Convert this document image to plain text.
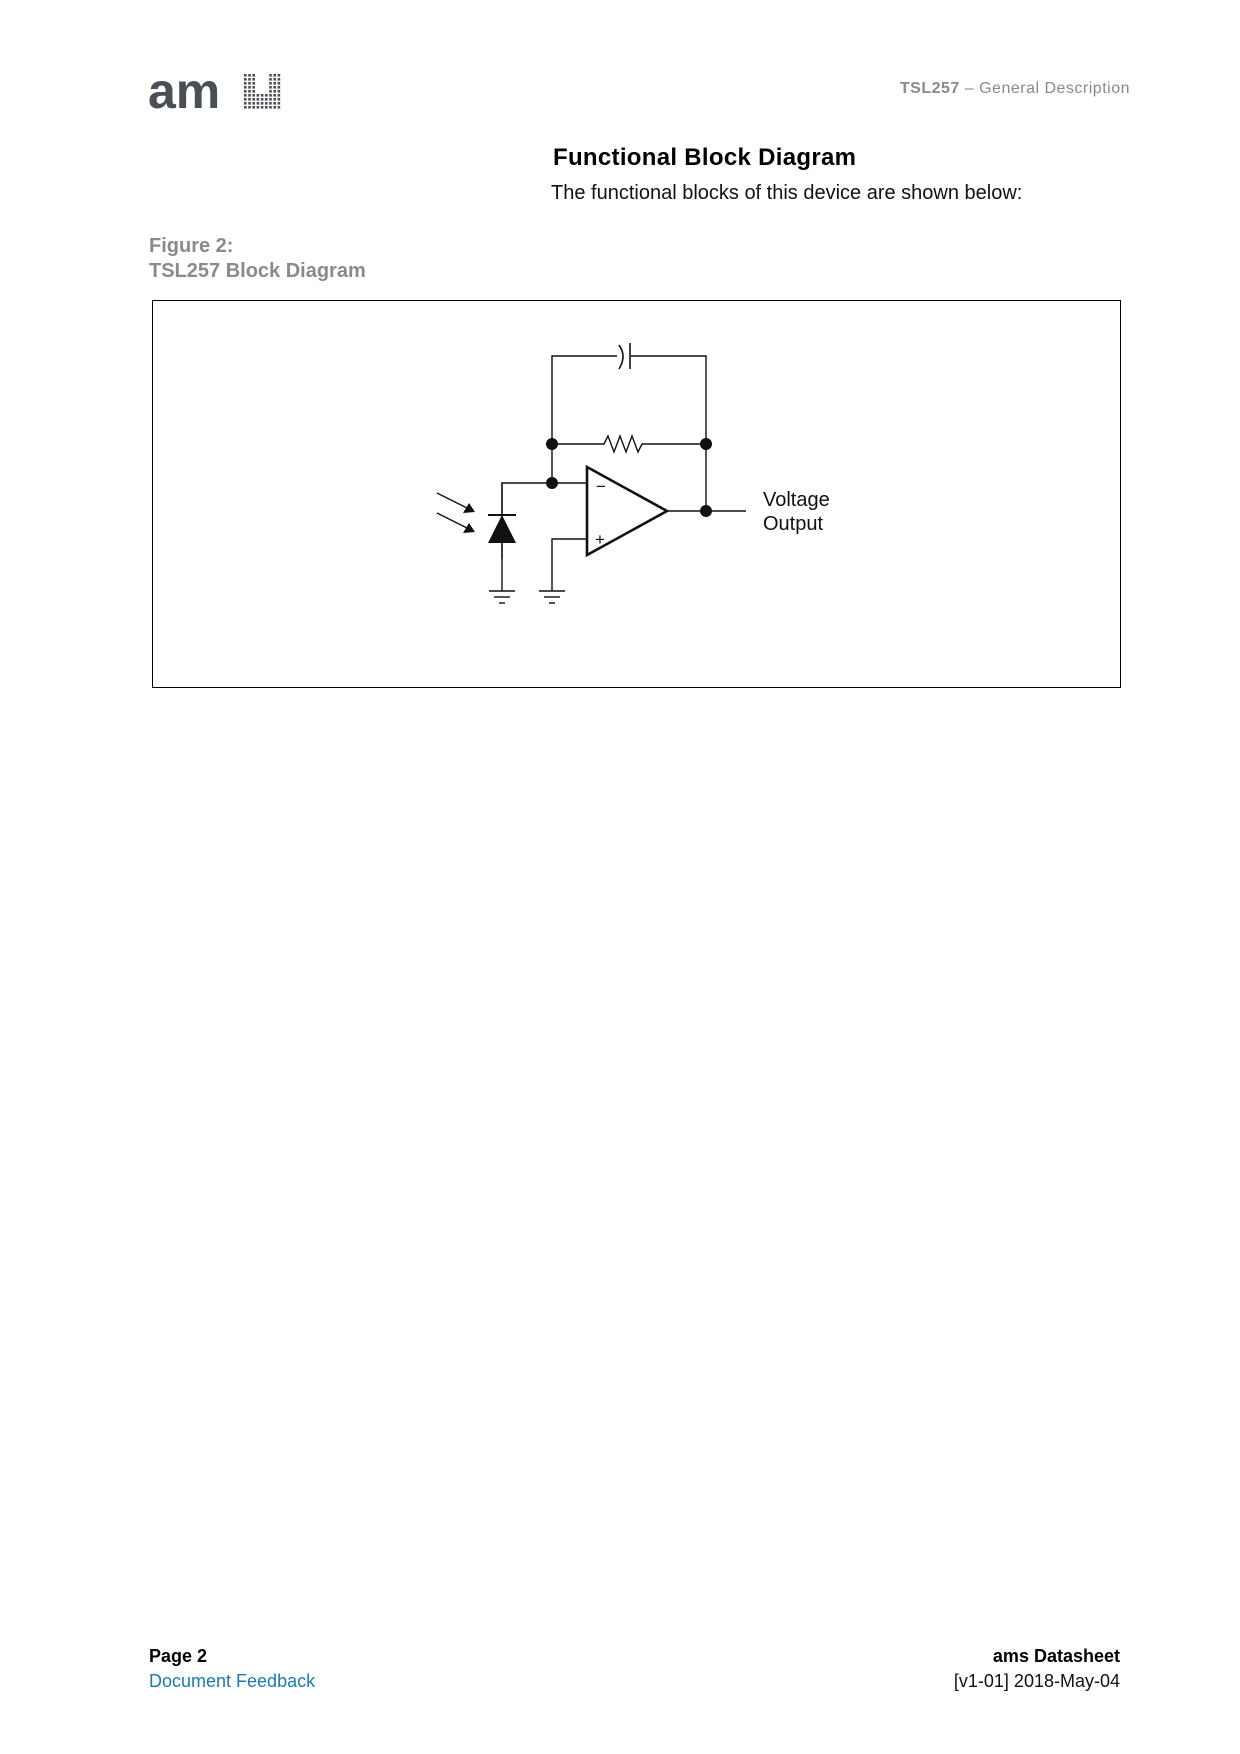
am	TSL257 – General Description
Functional Block Diagram
The functional blocks of this device are shown below:
Figure 2:
TSL257 Block Diagram
−
+
Voltage
Output
Page 2
Document Feedback
ams Datasheet
[v1-01] 2018-May-04
